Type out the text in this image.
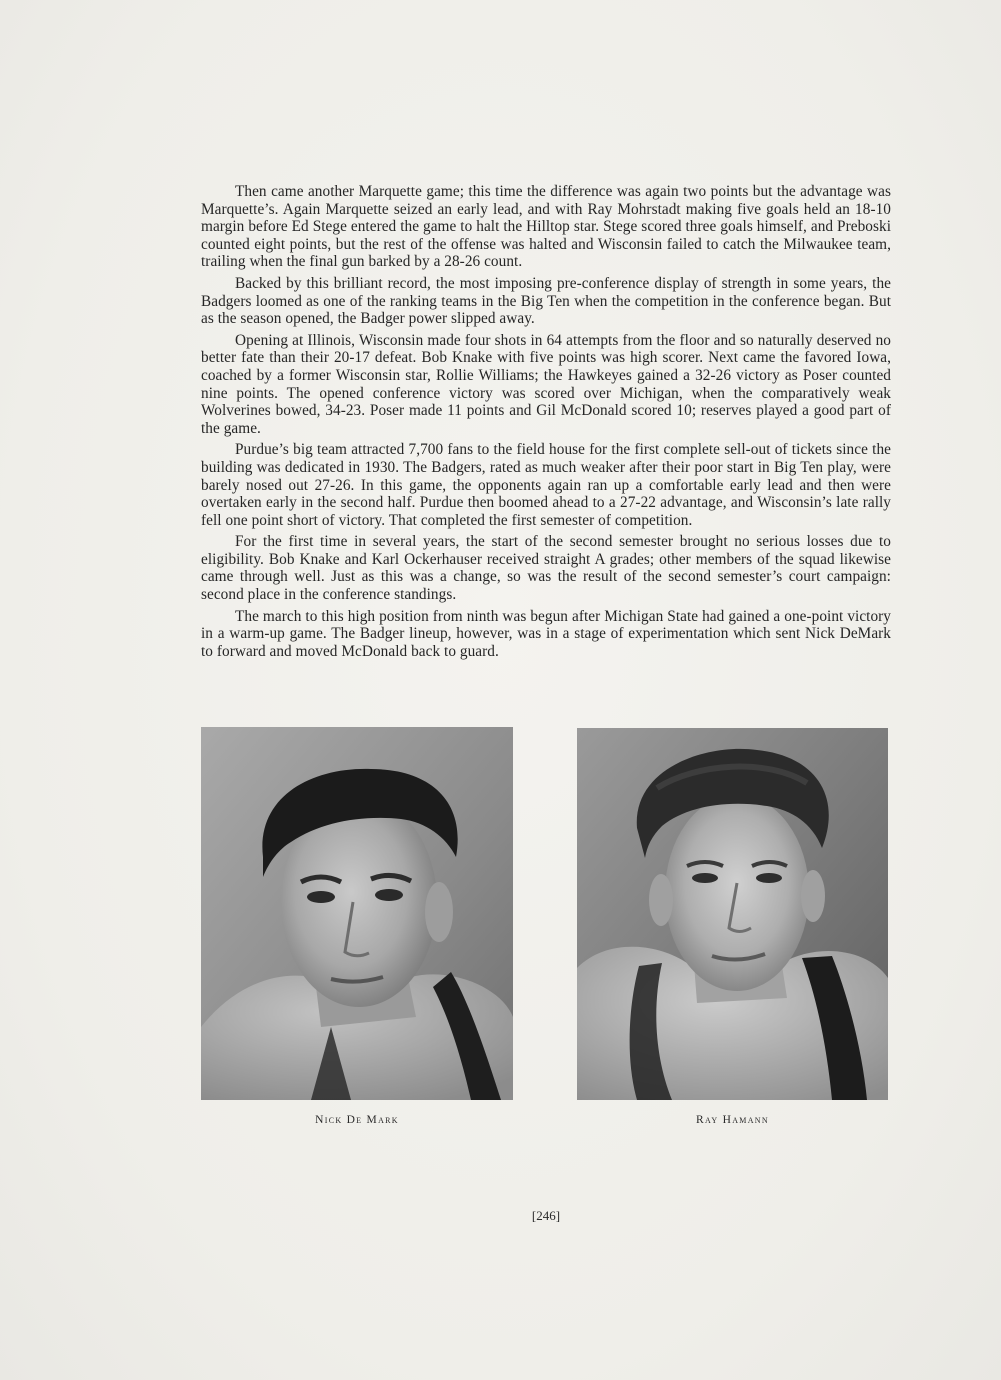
Then came another Marquette game; this time the difference was again two points but the advantage was Marquette’s. Again Marquette seized an early lead, and with Ray Mohrstadt making five goals held an 18-10 margin before Ed Stege entered the game to halt the Hilltop star. Stege scored three goals himself, and Preboski counted eight points, but the rest of the offense was halted and Wisconsin failed to catch the Milwaukee team, trailing when the final gun barked by a 28-26 count.

Backed by this brilliant record, the most imposing pre-conference display of strength in some years, the Badgers loomed as one of the ranking teams in the Big Ten when the competition in the conference began. But as the season opened, the Badger power slipped away.

Opening at Illinois, Wisconsin made four shots in 64 attempts from the floor and so naturally deserved no better fate than their 20-17 defeat. Bob Knake with five points was high scorer. Next came the favored Iowa, coached by a former Wisconsin star, Rollie Williams; the Hawkeyes gained a 32-26 victory as Poser counted nine points. The opened conference victory was scored over Michigan, when the comparatively weak Wolverines bowed, 34-23. Poser made 11 points and Gil McDonald scored 10; reserves played a good part of the game.

Purdue’s big team attracted 7,700 fans to the field house for the first complete sell-out of tickets since the building was dedicated in 1930. The Badgers, rated as much weaker after their poor start in Big Ten play, were barely nosed out 27-26. In this game, the opponents again ran up a comfortable early lead and then were overtaken early in the second half. Purdue then boomed ahead to a 27-22 advantage, and Wisconsin’s late rally fell one point short of victory. That completed the first semester of competition.

For the first time in several years, the start of the second semester brought no serious losses due to eligibility. Bob Knake and Karl Ockerhauser received straight A grades; other members of the squad likewise came through well. Just as this was a change, so was the result of the second semester’s court campaign: second place in the conference standings.

The march to this high position from ninth was begun after Michigan State had gained a one-point victory in a warm-up game. The Badger lineup, however, was in a stage of experimentation which sent Nick DeMark to forward and moved McDonald back to guard.

Nick De Mark	Ray Hamann
[246]
